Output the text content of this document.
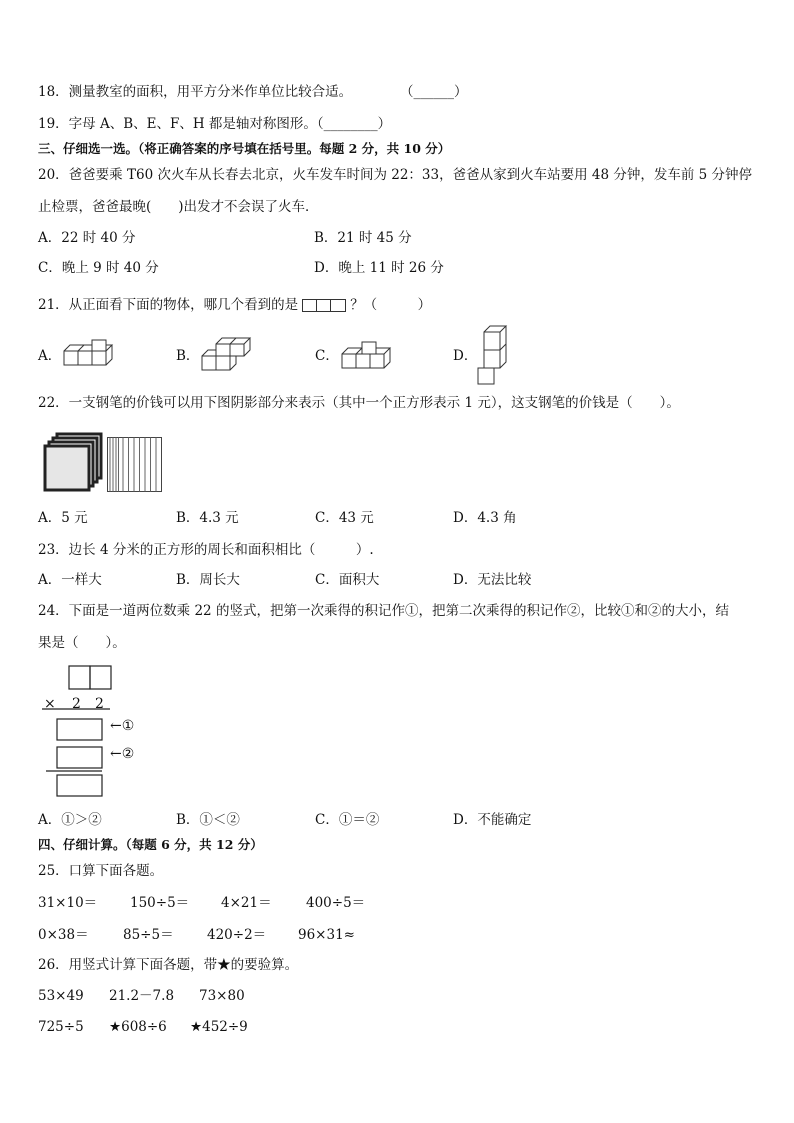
18．测量教室的面积，用平方分米作单位比较合适。	（______）
19．字母 A、B、E、F、H 都是轴对称图形。（________）
三、仔细选一选。（将正确答案的序号填在括号里。每题 2 分，共 10 分）
20．爸爸要乘 T60 次火车从长春去北京，火车发车时间为 22：33，爸爸从家到火车站要用 48 分钟，发车前 5 分钟停
止检票，爸爸最晚(　　)出发才不会误了火车．
A．22 时 40 分	B．21 时 45 分
C．晚上 9 时 40 分	D．晚上 11 时 26 分
21．从正面看下面的物体，哪几个看到的是	？（　　　）
A．	B．	C．	D．
22．一支钢笔的价钱可以用下图阴影部分来表示（其中一个正方形表示 1 元），这支钢笔的价钱是（　　）。
A．5 元	B．4.3 元	C．43 元	D．4.3 角
23．边长 4 分米的正方形的周长和面积相比（　　　）.
A．一样大	B．周长大	C．面积大	D．无法比较
24．下面是一道两位数乘 22 的竖式，把第一次乘得的积记作①，把第二次乘得的积记作②，比较①和②的大小，结
果是（　　）。
× 2 2
←①
←②
A．①＞②	B．①＜②	C．①＝②	D．不能确定
四、仔细计算。（每题 6 分，共 12 分）
25．口算下面各题。
31×10＝ 150÷5＝ 4×21＝	400÷5＝
0×38＝	85÷5＝ 420÷2＝ 96×31≈
26．用竖式计算下面各题，带★的要验算。
53×49 21.2－7.8 73×80
725÷5 ★608÷6 ★452÷9
